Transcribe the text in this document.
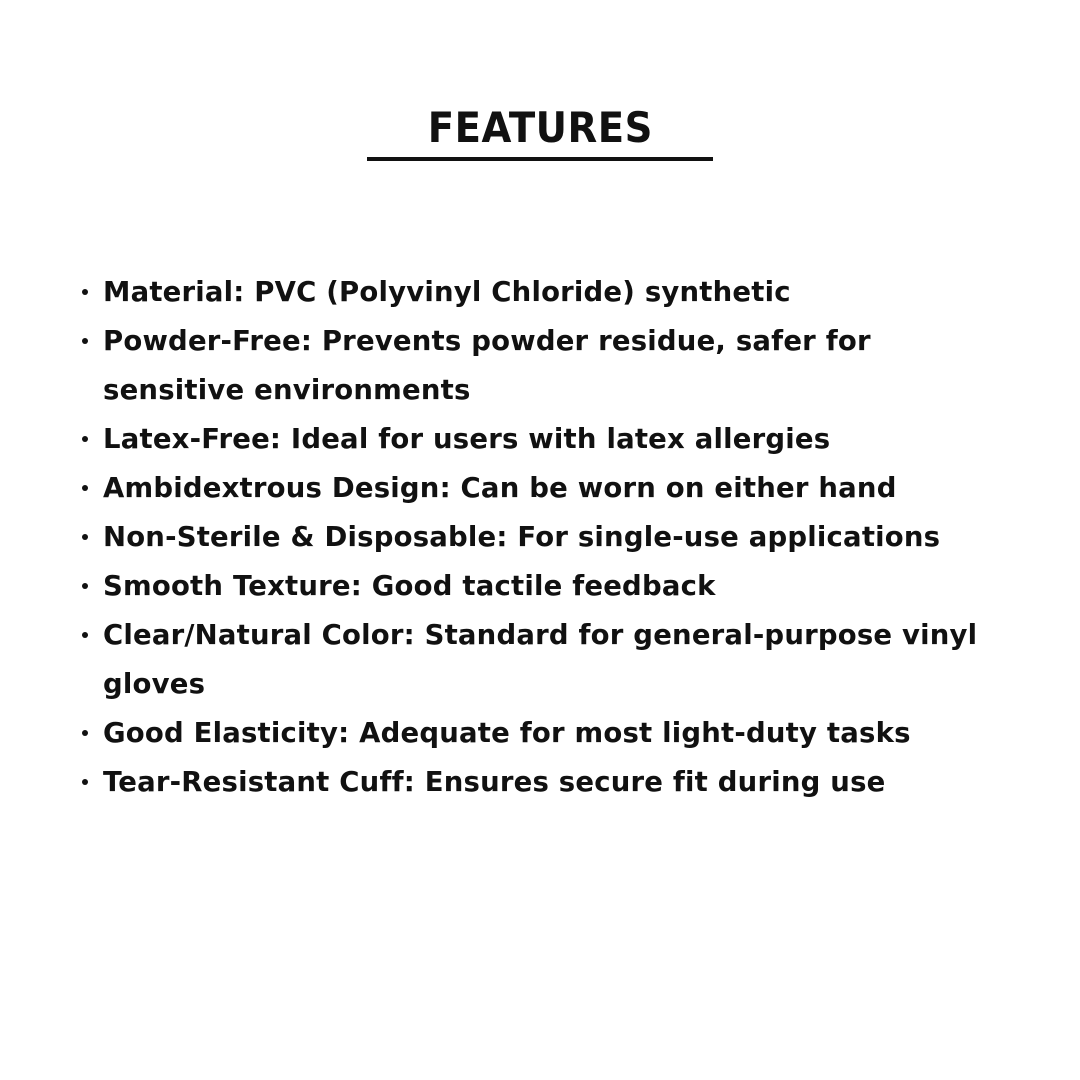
FEATURES
Material: PVC (Polyvinyl Chloride) synthetic
Powder-Free: Prevents powder residue, safer for sensitive environments
Latex-Free: Ideal for users with latex allergies
Ambidextrous Design: Can be worn on either hand
Non-Sterile & Disposable: For single-use applications
Smooth Texture: Good tactile feedback
Clear/Natural Color: Standard for general-purpose vinyl gloves
Good Elasticity: Adequate for most light-duty tasks
Tear-Resistant Cuff: Ensures secure fit during use
